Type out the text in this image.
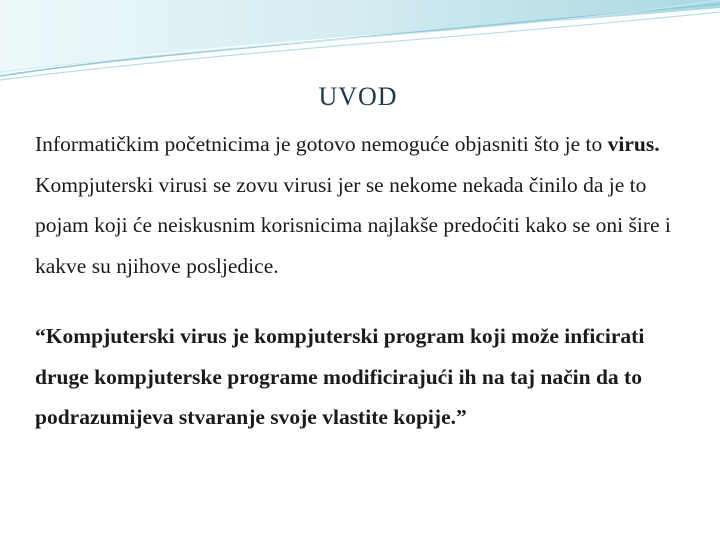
UVOD

Informatičkim početnicima je gotovo nemoguće objasniti što je to virus. Kompjuterski virusi se zovu virusi jer se nekome nekada činilo da je to pojam koji će neiskusnim korisnicima najlakše predoćiti kako se oni šire i kakve su njihove posljedice.

“Kompjuterski virus je kompjuterski program koji može inficirati druge kompjuterske programe modificirajući ih na taj način da to podrazumijeva stvaranje svoje vlastite kopije.”
